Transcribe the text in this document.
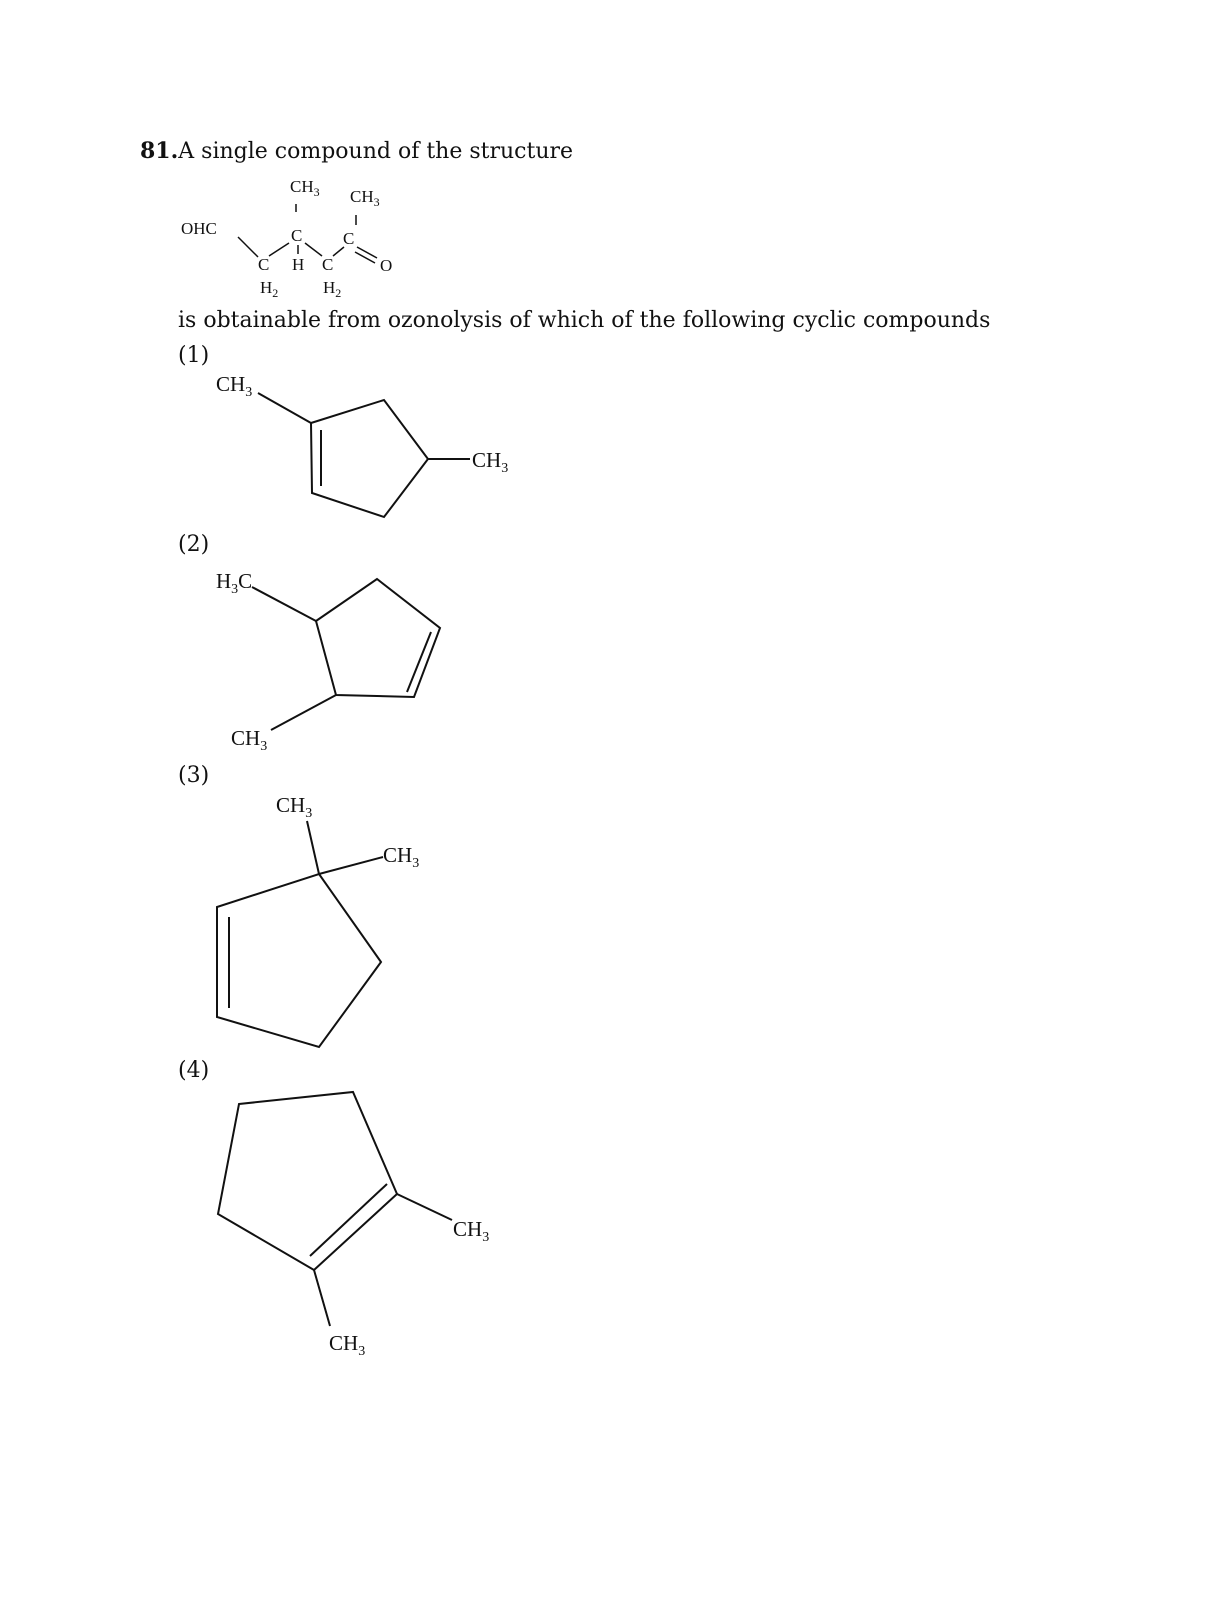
81.A single compound of the structure
OHC
$CH_3$ $CH_3$
C C
C H C	O
$H_2$	$H_2$
is obtainable from ozonolysis of which of the following cyclic compounds
(1)
(2)
(3)
(4)
$CH_3$
$CH_3$
$H_3C$
$CH_3$
$CH_3$
$CH_3$
$CH_3$
$CH_3$
